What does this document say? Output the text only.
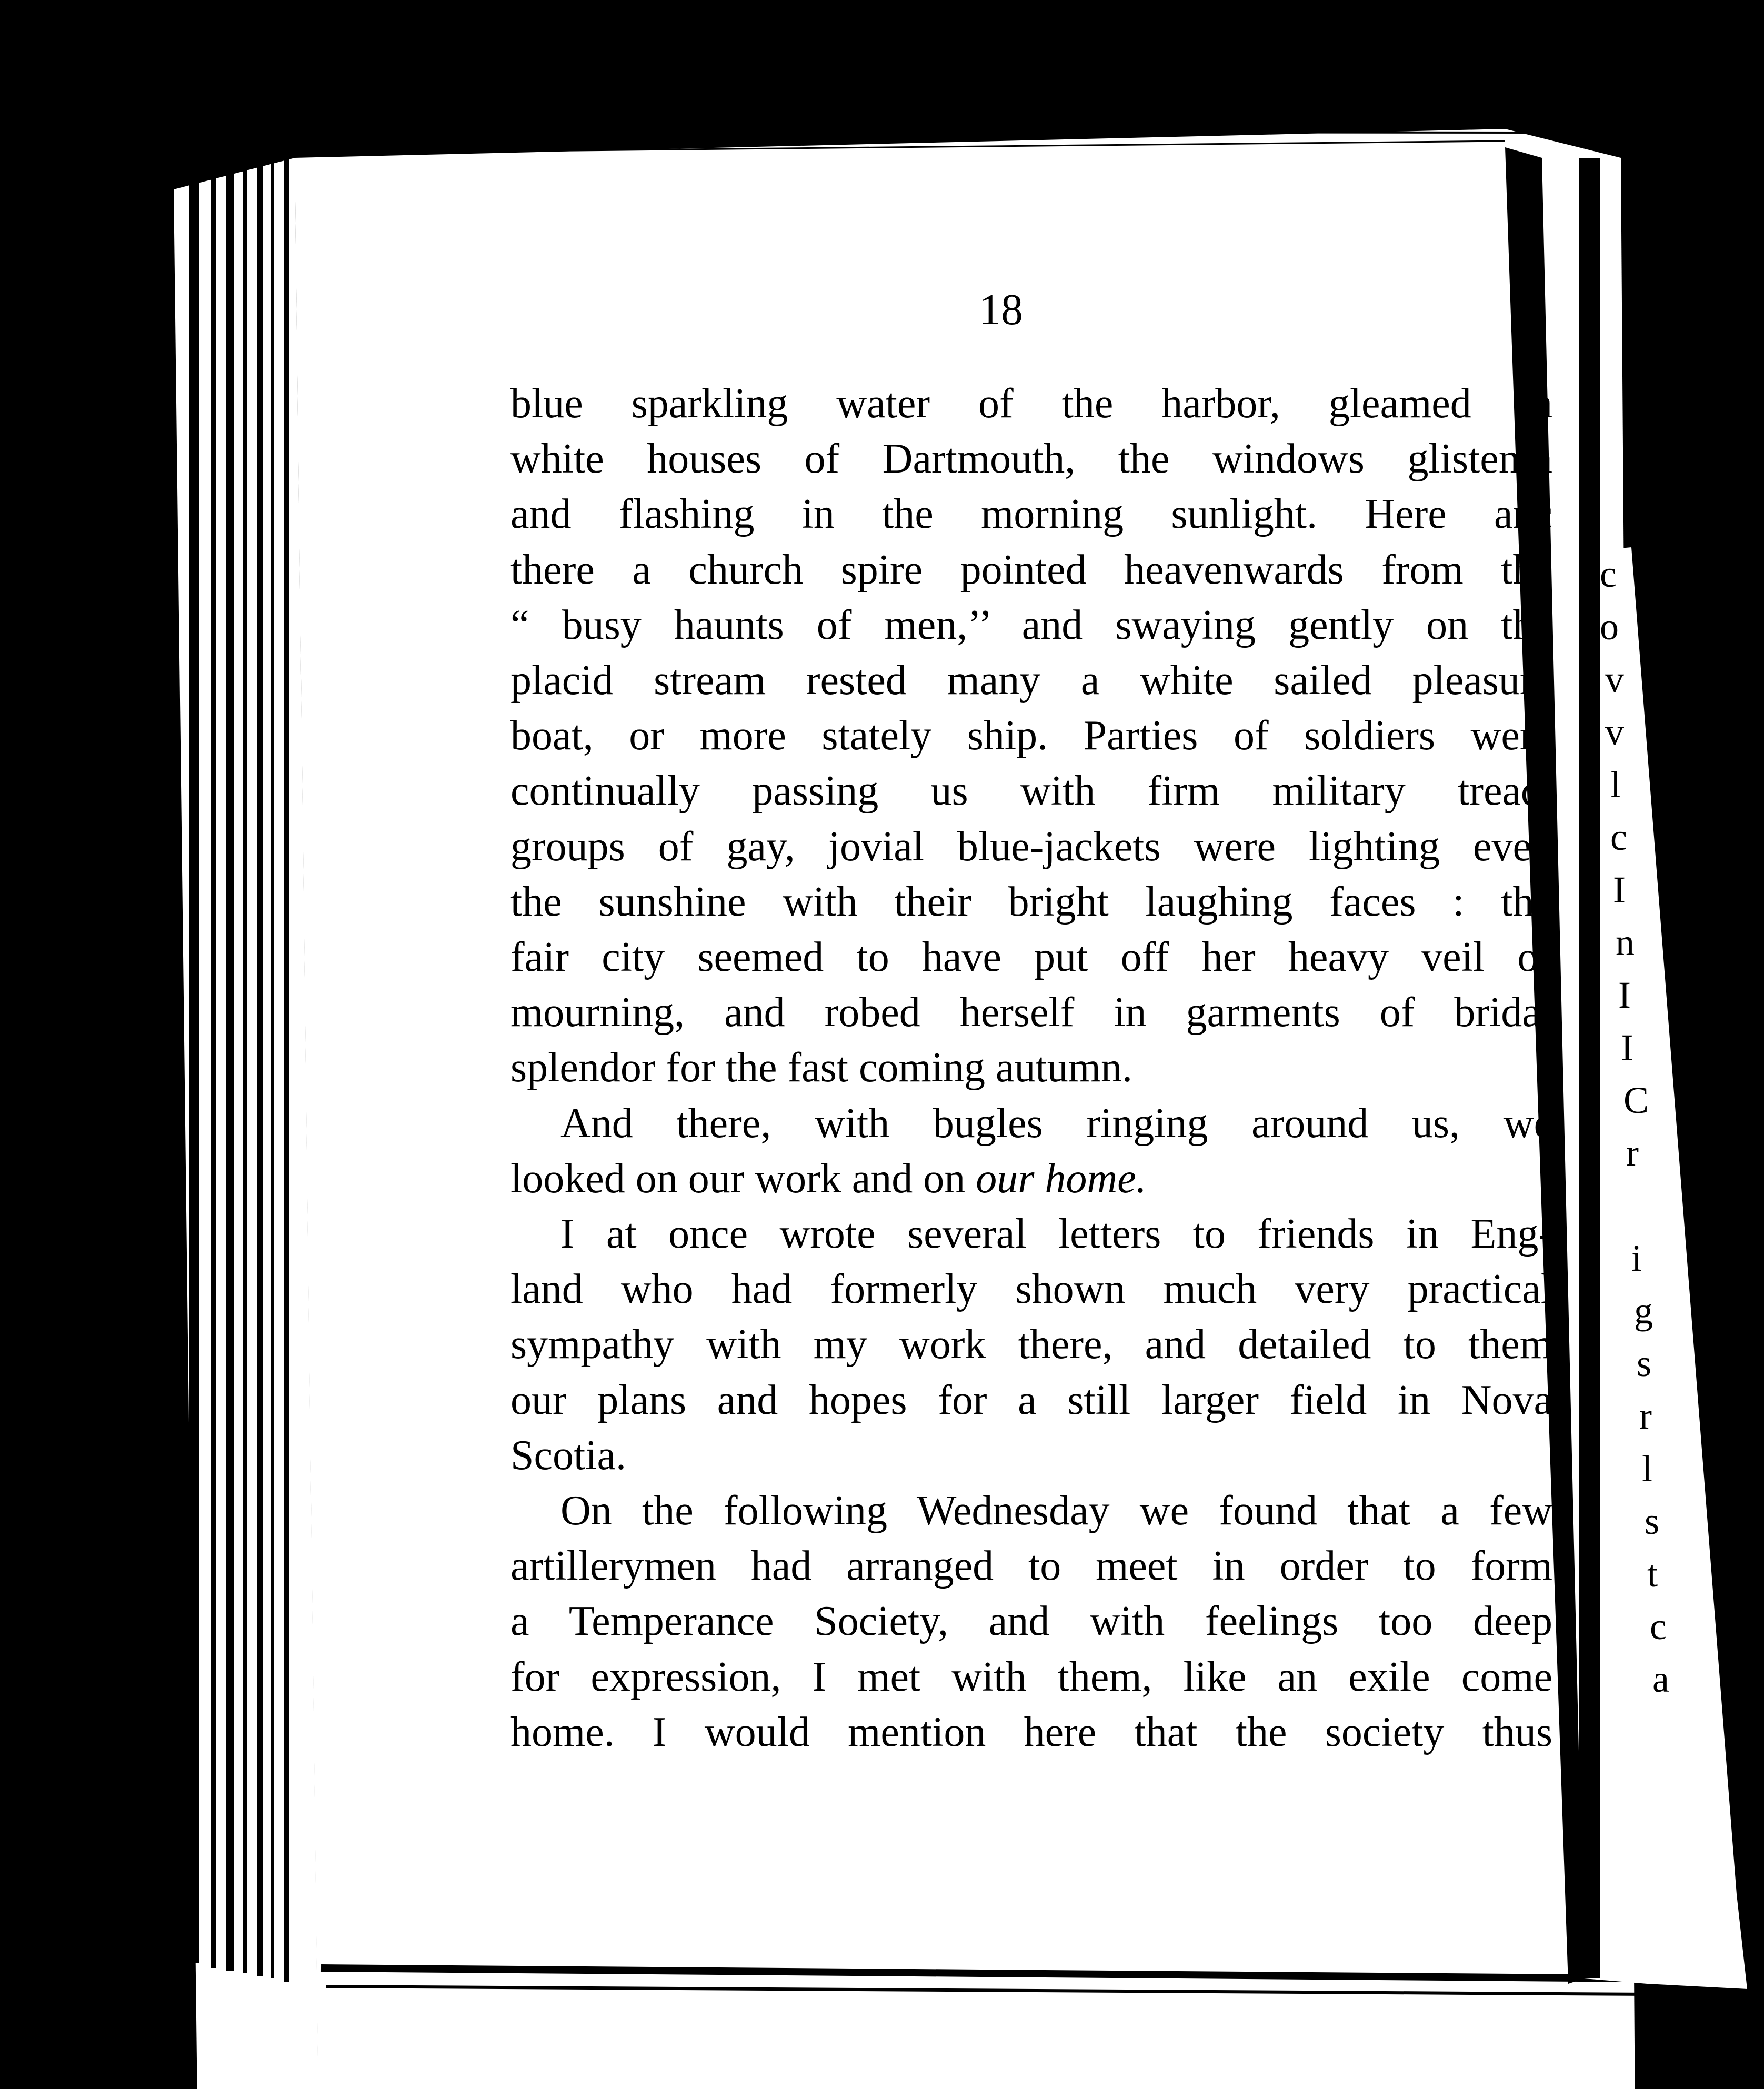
18
blue sparkling water of the harbor, gleamed th
white houses of Dartmouth, the windows glistenin
and flashing in the morning sunlight. Here anc
there a church spire pointed heavenwards from the
“ busy haunts of men,’’ and swaying gently on the
placid stream rested many a white sailed pleasure
boat, or more stately ship. Parties of soldiers were
continually passing us with firm military tread,
groups of gay, jovial blue-jackets were lighting even
the sunshine with their bright laughing faces : the
fair city seemed to have put off her heavy veil of
mourning, and robed herself in garments of bridal
splendor for the fast coming autumn.
And there, with bugles ringing around us, we
looked on our work and on our home.
I at once wrote several letters to friends in Eng-
land who had formerly shown much very practical
sympathy with my work there, and detailed to them
our plans and hopes for a still larger field in Nova
Scotia.
On the following Wednesday we found that a few
artillerymen had arranged to meet in order to form
a Temperance Society, and with feelings too deep
for expression, I met with them, like an exile come
home. I would mention here that the society thus
c
o
v
v
l
c
I
n
I
I
C
r
i
g
s
r
l
s
t
c
a
